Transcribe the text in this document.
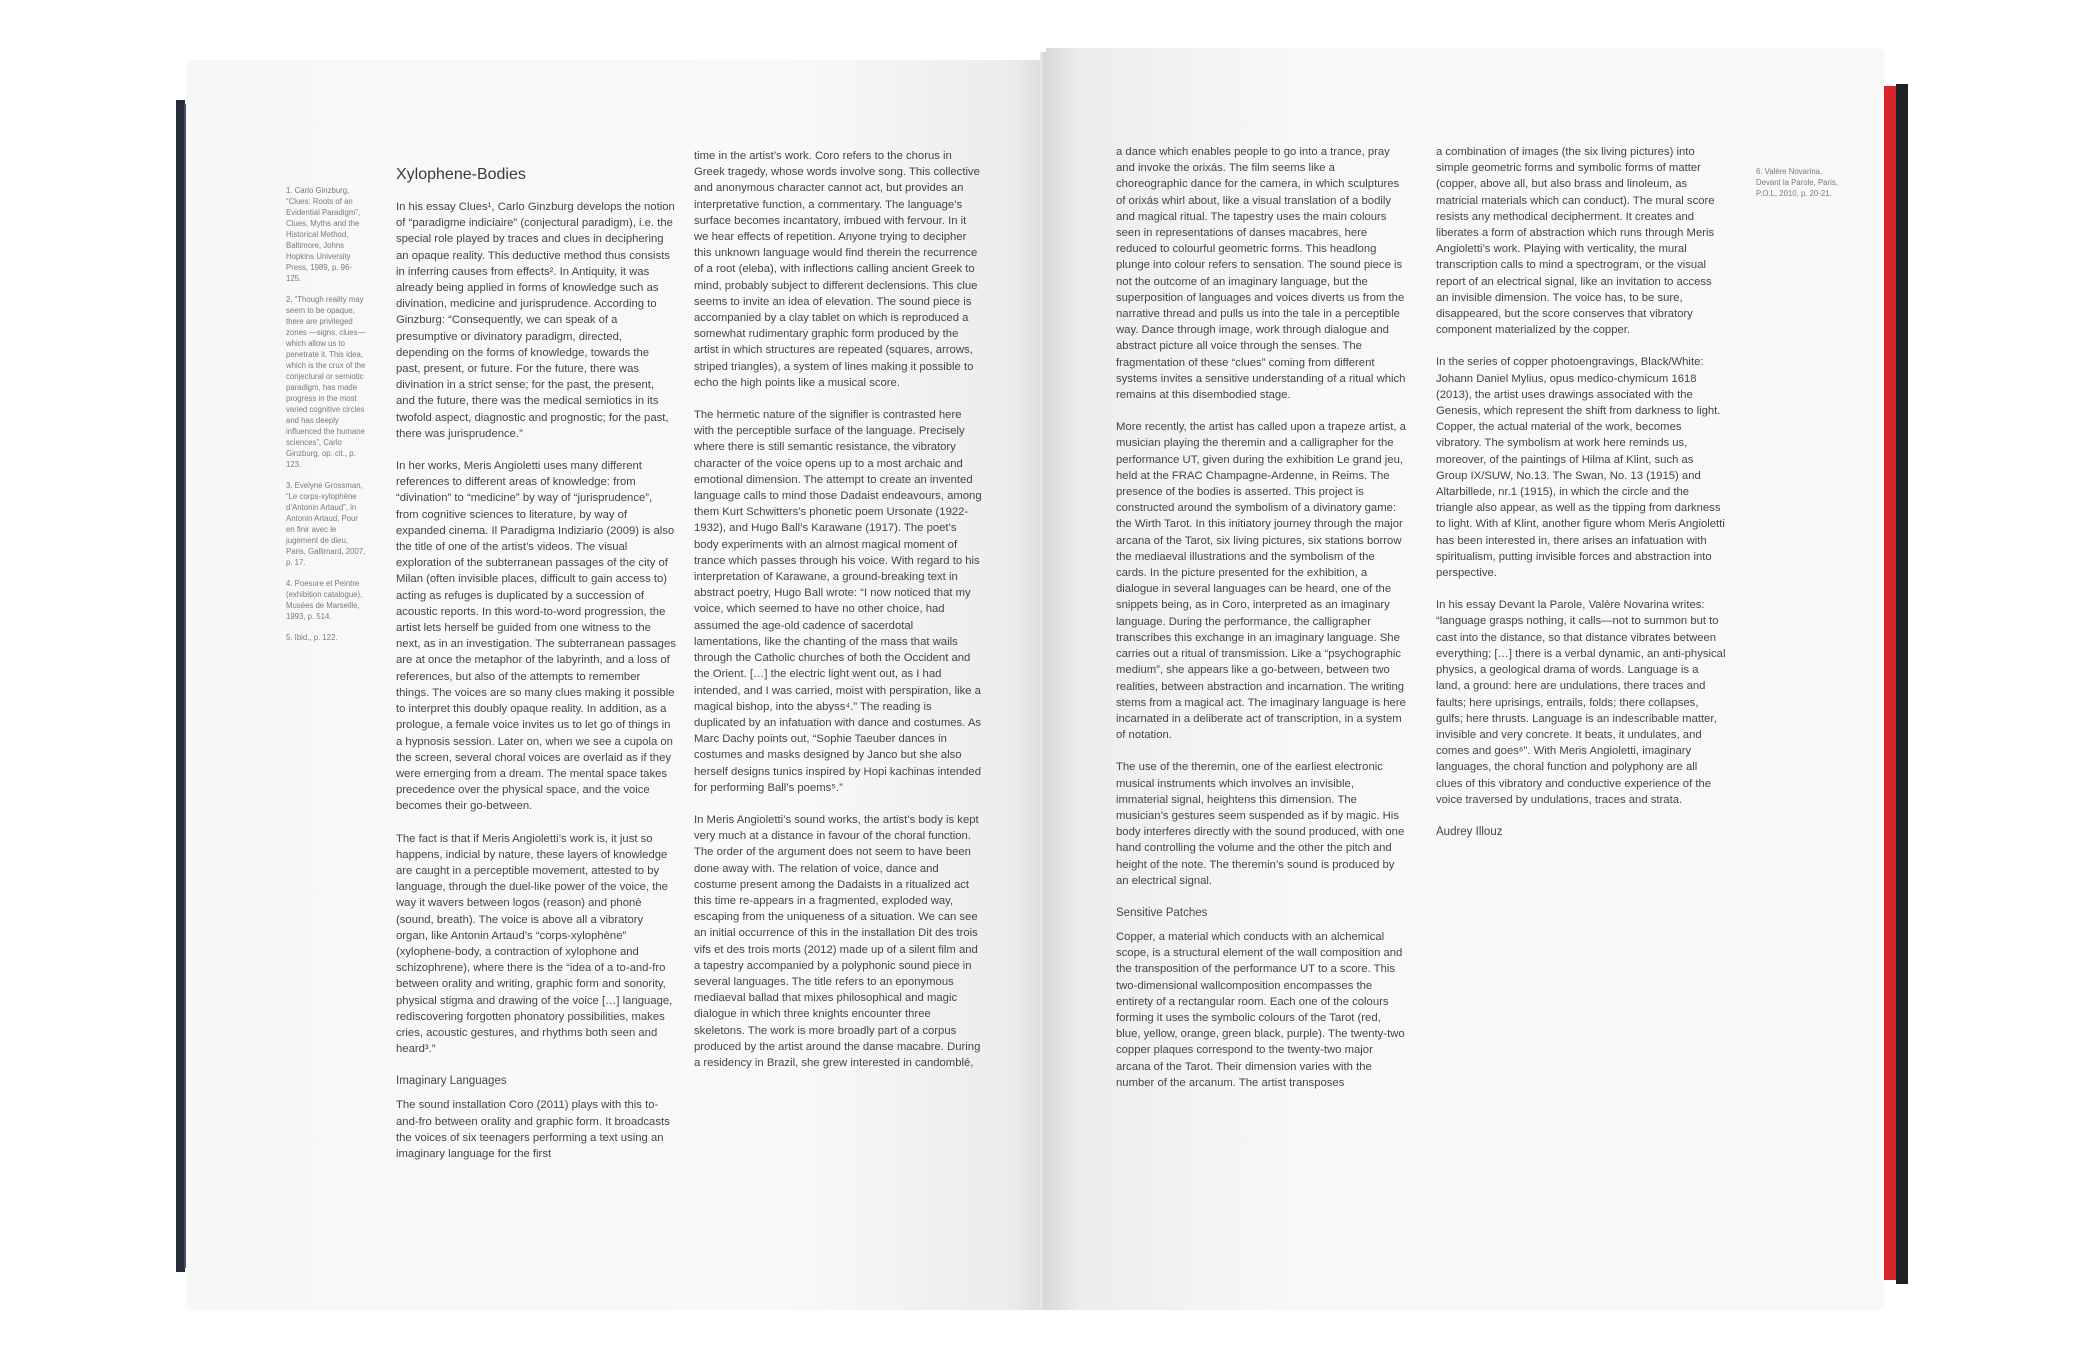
1. Carlo Ginzburg, “Clues: Roots of an Evidential Paradigm”, Clues, Myths and the Historical Method, Baltimore, Johns Hopkins University Press, 1989, p. 96-125.

2. “Though reality may seem to be opaque, there are privileged zones —signs, clues—which allow us to penetrate it. This idea, which is the crux of the conjectural or semiotic paradigm, has made progress in the most varied cognitive circles and has deeply influenced the humane sciences”, Carlo Ginzburg, op. cit., p. 123.

3. Evelyne Grossman, “Le corps-xylophène d’Antonin Artaud”, in Antonin Artaud, Pour en finir avec le jugement de dieu, Paris, Gallimard, 2007, p. 17.

4. Poesure et Peintre (exhibition catalogue), Musées de Marseille, 1993, p. 514.

5. Ibid., p. 122.

Xylophene-Bodies

In his essay Clues¹, Carlo Ginzburg develops the notion of “paradigme indiciaire” (conjectural paradigm), i.e. the special role played by traces and clues in deciphering an opaque reality. This deductive method thus consists in inferring causes from effects². In Antiquity, it was already being applied in forms of knowledge such as divination, medicine and jurisprudence. According to Ginzburg: “Consequently, we can speak of a presumptive or divinatory paradigm, directed, depending on the forms of knowledge, towards the past, present, or future. For the future, there was divination in a strict sense; for the past, the present, and the future, there was the medical semiotics in its twofold aspect, diagnostic and prognostic; for the past, there was jurisprudence.”

In her works, Meris Angioletti uses many different references to different areas of knowledge: from “divination” to “medicine” by way of “jurisprudence”, from cognitive sciences to literature, by way of expanded cinema. Il Paradigma Indiziario (2009) is also the title of one of the artist’s videos. The visual exploration of the subterranean passages of the city of Milan (often invisible places, difficult to gain access to) acting as refuges is duplicated by a succession of acoustic reports. In this word-to-word progression, the artist lets herself be guided from one witness to the next, as in an investigation. The subterranean passages are at once the metaphor of the labyrinth, and a loss of references, but also of the attempts to remember things. The voices are so many clues making it possible to interpret this doubly opaque reality. In addition, as a prologue, a female voice invites us to let go of things in a hypnosis session. Later on, when we see a cupola on the screen, several choral voices are overlaid as if they were emerging from a dream. The mental space takes precedence over the physical space, and the voice becomes their go-between.

The fact is that if Meris Angioletti’s work is, it just so happens, indicial by nature, these layers of knowledge are caught in a perceptible movement, attested to by language, through the duel-like power of the voice, the way it wavers between logos (reason) and phonè (sound, breath). The voice is above all a vibratory organ, like Antonin Artaud’s “corps-xylophène” (xylophene-body, a contraction of xylophone and schizophrene), where there is the “idea of a to-and-fro between orality and writing, graphic form and sonority, physical stigma and drawing of the voice […] language, rediscovering forgotten phonatory possibilities, makes cries, acoustic gestures, and rhythms both seen and heard³.”

Imaginary Languages

The sound installation Coro (2011) plays with this to-and-fro between orality and graphic form. It broadcasts the voices of six teenagers performing a text using an imaginary language for the first

time in the artist’s work. Coro refers to the chorus in Greek tragedy, whose words involve song. This collective and anonymous character cannot act, but provides an interpretative function, a commentary. The language’s surface becomes incantatory, imbued with fervour. In it we hear effects of repetition. Anyone trying to decipher this unknown language would find therein the recurrence of a root (eleba), with inflections calling ancient Greek to mind, probably subject to different declensions. This clue seems to invite an idea of elevation. The sound piece is accompanied by a clay tablet on which is reproduced a somewhat rudimentary graphic form produced by the artist in which structures are repeated (squares, arrows, striped triangles), a system of lines making it possible to echo the high points like a musical score.

The hermetic nature of the signifier is contrasted here with the perceptible surface of the language. Precisely where there is still semantic resistance, the vibratory character of the voice opens up to a most archaic and emotional dimension. The attempt to create an invented language calls to mind those Dadaist endeavours, among them Kurt Schwitters’s phonetic poem Ursonate (1922-1932), and Hugo Ball’s Karawane (1917). The poet’s body experiments with an almost magical moment of trance which passes through his voice. With regard to his interpretation of Karawane, a ground-breaking text in abstract poetry, Hugo Ball wrote: “I now noticed that my voice, which seemed to have no other choice, had assumed the age-old cadence of sacerdotal lamentations, like the chanting of the mass that wails through the Catholic churches of both the Occident and the Orient. […] the electric light went out, as I had intended, and I was carried, moist with perspiration, like a magical bishop, into the abyss⁴.” The reading is duplicated by an infatuation with dance and costumes. As Marc Dachy points out, “Sophie Taeuber dances in costumes and masks designed by Janco but she also herself designs tunics inspired by Hopi kachinas intended for performing Ball’s poems⁵.”

In Meris Angioletti’s sound works, the artist’s body is kept very much at a distance in favour of the choral function. The order of the argument does not seem to have been done away with. The relation of voice, dance and costume present among the Dadaists in a ritualized act this time re-appears in a fragmented, exploded way, escaping from the uniqueness of a situation. We can see an initial occurrence of this in the installation Dit des trois vifs et des trois morts (2012) made up of a silent film and a tapestry accompanied by a polyphonic sound piece in several languages. The title refers to an eponymous mediaeval ballad that mixes philosophical and magic dialogue in which three knights encounter three skeletons. The work is more broadly part of a corpus produced by the artist around the danse macabre. During a residency in Brazil, she grew interested in candomblé,

a dance which enables people to go into a trance, pray and invoke the orixás. The film seems like a choreographic dance for the camera, in which sculptures of orixás whirl about, like a visual translation of a bodily and magical ritual. The tapestry uses the main colours seen in representations of danses macabres, here reduced to colourful geometric forms. This headlong plunge into colour refers to sensation. The sound piece is not the outcome of an imaginary language, but the superposition of languages and voices diverts us from the narrative thread and pulls us into the tale in a perceptible way. Dance through image, work through dialogue and abstract picture all voice through the senses. The fragmentation of these “clues” coming from different systems invites a sensitive understanding of a ritual which remains at this disembodied stage.

More recently, the artist has called upon a trapeze artist, a musician playing the theremin and a calligrapher for the performance UT, given during the exhibition Le grand jeu, held at the FRAC Champagne-Ardenne, in Reims. The presence of the bodies is asserted. This project is constructed around the symbolism of a divinatory game: the Wirth Tarot. In this initiatory journey through the major arcana of the Tarot, six living pictures, six stations borrow the mediaeval illustrations and the symbolism of the cards. In the picture presented for the exhibition, a dialogue in several languages can be heard, one of the snippets being, as in Coro, interpreted as an imaginary language. During the performance, the calligrapher transcribes this exchange in an imaginary language. She carries out a ritual of transmission. Like a “psychographic medium”, she appears like a go-between, between two realities, between abstraction and incarnation. The writing stems from a magical act. The imaginary language is here incarnated in a deliberate act of transcription, in a system of notation.

The use of the theremin, one of the earliest electronic musical instruments which involves an invisible, immaterial signal, heightens this dimension. The musician’s gestures seem suspended as if by magic. His body interferes directly with the sound produced, with one hand controlling the volume and the other the pitch and height of the note. The theremin’s sound is produced by an electrical signal.

Sensitive Patches

Copper, a material which conducts with an alchemical scope, is a structural element of the wall composition and the transposition of the performance UT to a score. This two-dimensional wallcomposition encompasses the entirety of a rectangular room. Each one of the colours forming it uses the symbolic colours of the Tarot (red, blue, yellow, orange, green black, purple). The twenty-two copper plaques correspond to the twenty-two major arcana of the Tarot. Their dimension varies with the number of the arcanum. The artist transposes

a combination of images (the six living pictures) into simple geometric forms and symbolic forms of matter (copper, above all, but also brass and linoleum, as matricial materials which can conduct). The mural score resists any methodical decipherment. It creates and liberates a form of abstraction which runs through Meris Angioletti’s work. Playing with verticality, the mural transcription calls to mind a spectrogram, or the visual report of an electrical signal, like an invitation to access an invisible dimension. The voice has, to be sure, disappeared, but the score conserves that vibratory component materialized by the copper.

In the series of copper photoengravings, Black/White: Johann Daniel Mylius, opus medico-chymicum 1618 (2013), the artist uses drawings associated with the Genesis, which represent the shift from darkness to light. Copper, the actual material of the work, becomes vibratory. The symbolism at work here reminds us, moreover, of the paintings of Hilma af Klint, such as Group IX/SUW, No.13. The Swan, No. 13 (1915) and Altarbillede, nr.1 (1915), in which the circle and the triangle also appear, as well as the tipping from darkness to light. With af Klint, another figure whom Meris Angioletti has been interested in, there arises an infatuation with spiritualism, putting invisible forces and abstraction into perspective.

In his essay Devant la Parole, Valère Novarina writes: “language grasps nothing, it calls—not to summon but to cast into the distance, so that distance vibrates between everything; […] there is a verbal dynamic, an anti-physical physics, a geological drama of words. Language is a land, a ground: here are undulations, there traces and faults; here uprisings, entrails, folds; there collapses, gulfs; here thrusts. Language is an indescribable matter, invisible and very concrete. It beats, it undulates, and comes and goes⁶”. With Meris Angioletti, imaginary languages, the choral function and polyphony are all clues of this vibratory and conductive experience of the voice traversed by undulations, traces and strata.

Audrey Illouz

6. Valère Novarina, Devant la Parole, Paris, P.O.L, 2010, p. 20-21.
